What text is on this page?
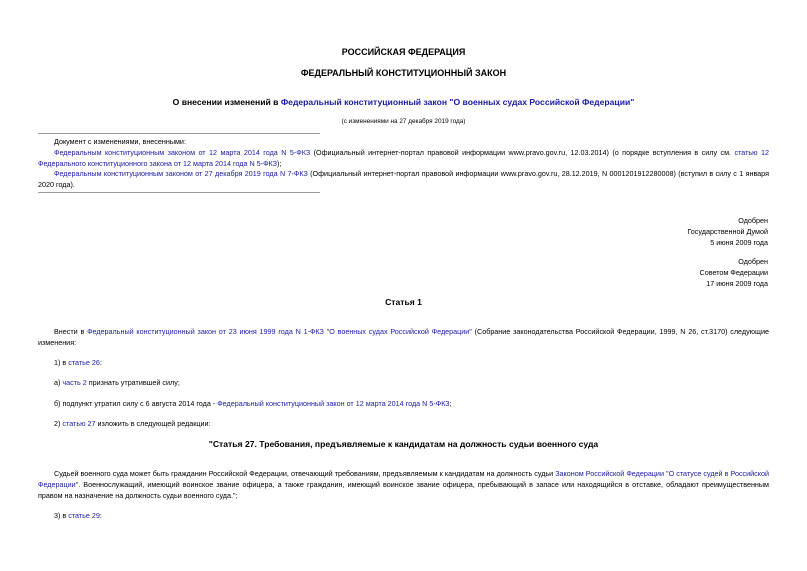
РОССИЙСКАЯ ФЕДЕРАЦИЯ
ФЕДЕРАЛЬНЫЙ КОНСТИТУЦИОННЫЙ ЗАКОН
О внесении изменений в Федеральный конституционный закон "О военных судах Российской Федерации"
(с изменениями на 27 декабря 2019 года)
Документ с изменениями, внесенными:
Федеральным конституционным законом от 12 марта 2014 года N 5-ФКЗ (Официальный интернет-портал правовой информации www.pravo.gov.ru, 12.03.2014) (о порядке вступления в силу см. статью 12 Федерального конституционного закона от 12 марта 2014 года N 5-ФКЗ);
Федеральным конституционным законом от 27 декабря 2019 года N 7-ФКЗ (Официальный интернет-портал правовой информации www.pravo.gov.ru, 28.12.2019, N 0001201912280008) (вступил в силу с 1 января 2020 года).
Одобрен
Государственной Думой
5 июня 2009 года
Одобрен
Советом Федерации
17 июня 2009 года
Статья 1
Внести в Федеральный конституционный закон от 23 июня 1999 года N 1-ФКЗ "О военных судах Российской Федерации" (Собрание законодательства Российской Федерации, 1999, N 26, ст.3170) следующие изменения:
1) в статье 26:
а) часть 2 признать утратившей силу;
б) подпункт утратил силу с 6 августа 2014 года - Федеральный конституционный закон от 12 марта 2014 года N 5-ФКЗ;
2) статью 27 изложить в следующей редакции:
"Статья 27. Требования, предъявляемые к кандидатам на должность судьи военного суда
Судьей военного суда может быть гражданин Российской Федерации, отвечающий требованиям, предъявляемым к кандидатам на должность судьи Законом Российской Федерации "О статусе судей в Российской Федерации". Военнослужащий, имеющий воинское звание офицера, а также гражданин, имеющий воинское звание офицера, пребывающий в запасе или находящийся в отставке, обладают преимущественным правом на назначение на должность судьи военного суда.";
3) в статье 29:
